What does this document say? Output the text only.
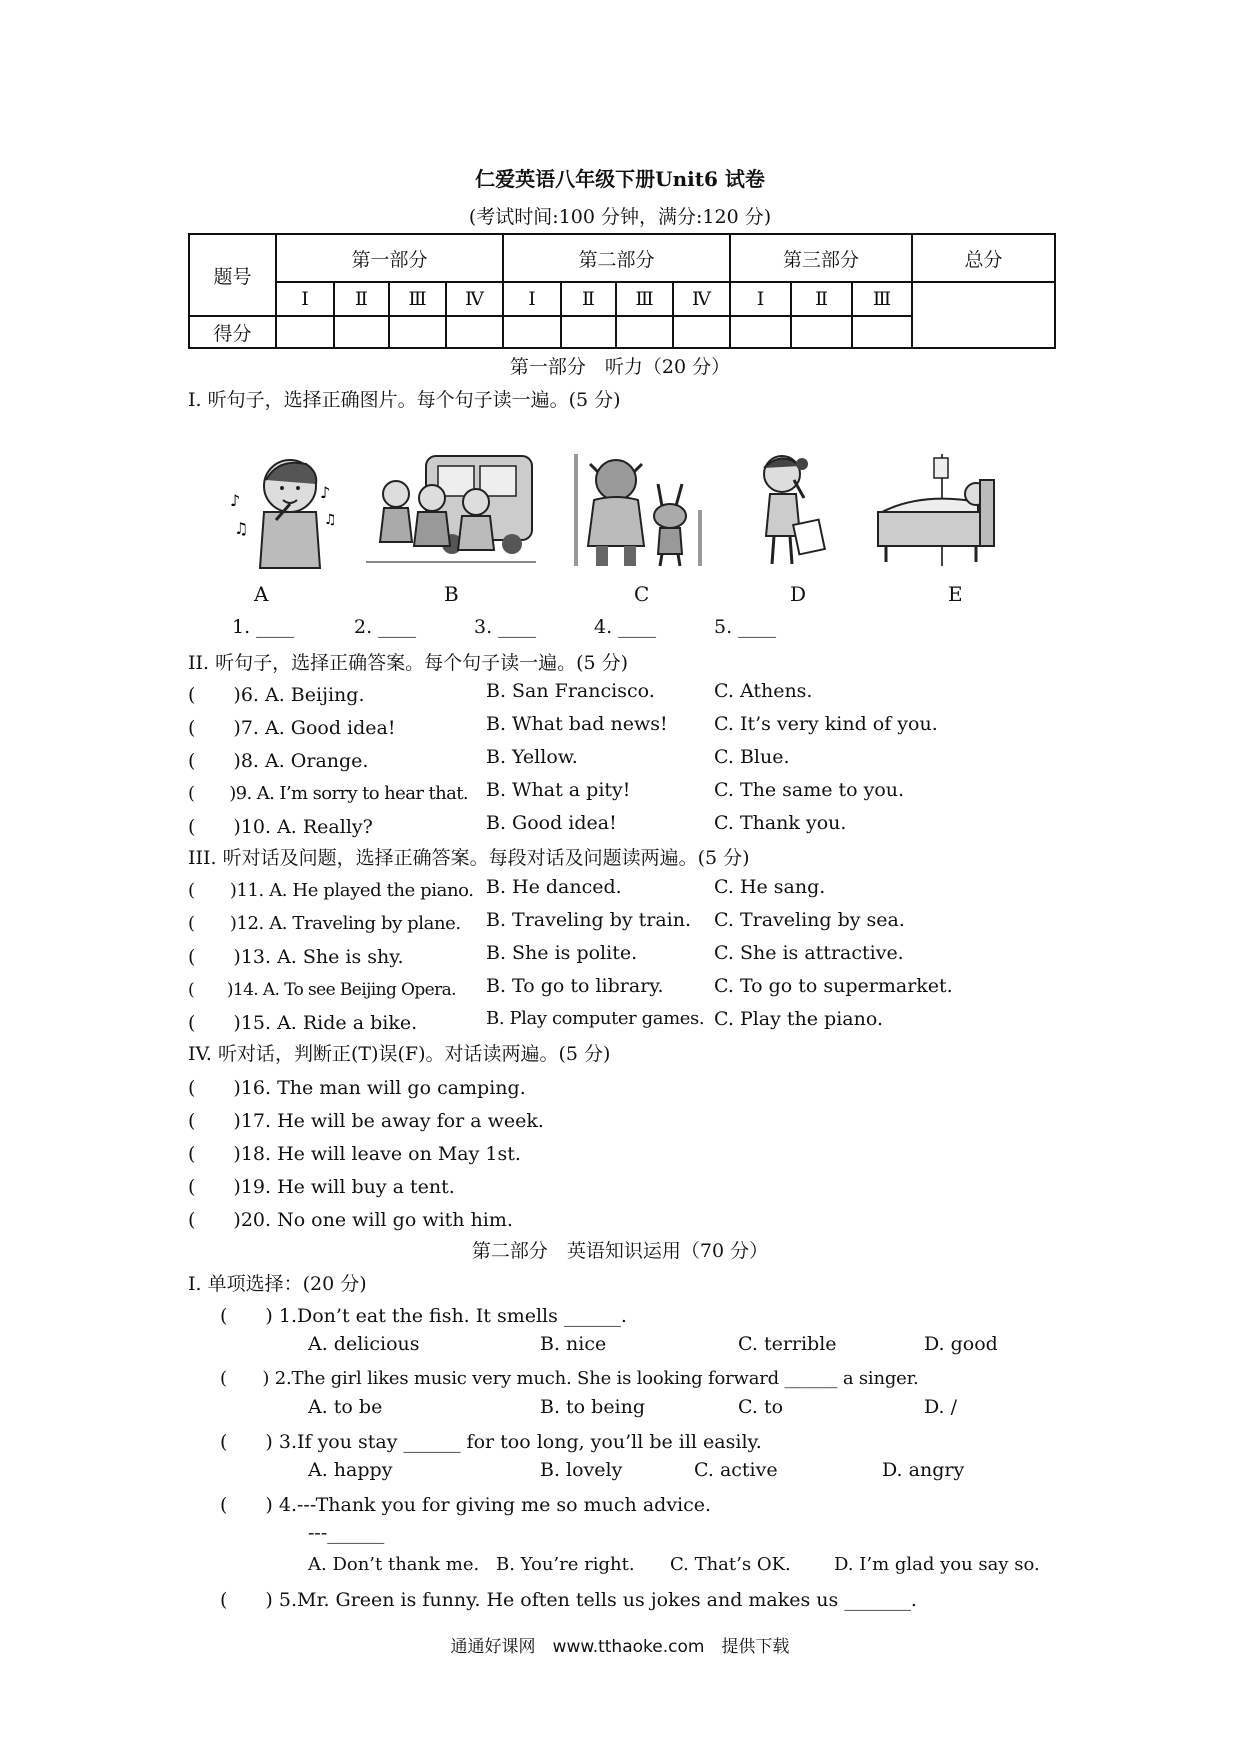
仁爱英语八年级下册Unit6 试卷
(考试时间:100 分钟，满分:120 分)
题号	第一部分				第二部分				第三部分			总分
	I	Ⅱ	Ⅲ	Ⅳ	I	Ⅱ	Ⅲ	Ⅳ	I	Ⅱ	Ⅲ	
得分												
第一部分　听力（20 分）
I. 听句子，选择正确图片。每个句子读一遍。(5 分)
♪
♫
♪
♫
A	B	C	D	E
1. ____	2. ____	3. ____	4. ____	5. ____
II. 听句子，选择正确答案。每个句子读一遍。(5 分)
(　　)6. A. Beijing.	B. San Francisco.	C. Athens.
(　　)7. A. Good idea!	B. What bad news! C. It’s very kind of you.
(　　)8. A. Orange.	B. Yellow.	C. Blue.
(　　)9. A. I’m sorry to hear that. B. What a pity!	C. The same to you.
(　　)10. A. Really?	B. Good idea!	C. Thank you.
III. 听对话及问题，选择正确答案。每段对话及问题读两遍。(5 分)
(　　)11. A. He played the piano. B. He danced.	C. He sang.
(　　)12. A. Traveling by plane. B. Traveling by train. C. Traveling by sea.
(　　)13. A. She is shy.	B. She is polite.	C. She is attractive.
(　　)14. A. To see Beijing Opera. B. To go to library.	C. To go to supermarket.
(　　)15. A. Ride a bike.	B. Play computer games. C. Play the piano.
IV. 听对话，判断正(T)误(F)。对话读两遍。(5 分)
(　　)16. The man will go camping.
(　　)17. He will be away for a week.
(　　)18. He will leave on May 1st.
(　　)19. He will buy a tent.
(　　)20. No one will go with him.
第二部分　英语知识运用（70 分）
I. 单项选择：(20 分)
(　　) 1.Don’t eat the fish. It smells ______.
A. delicious	B. nice	C. terrible	D. good
(　　) 2.The girl likes music very much. She is looking forward ______ a singer.
A. to be	B. to being	C. to	D. /
(　　) 3.If you stay ______ for too long, you’ll be ill easily.
A. happy	B. lovely	C. active	D. angry
(　　) 4.---Thank you for giving me so much advice.
---______
A. Don’t thank me. B. You’re right. C. That’s OK. D. I’m glad you say so.
(　　) 5.Mr. Green is funny. He often tells us jokes and makes us _______.
通通好课网　www.tthaoke.com　提供下载
